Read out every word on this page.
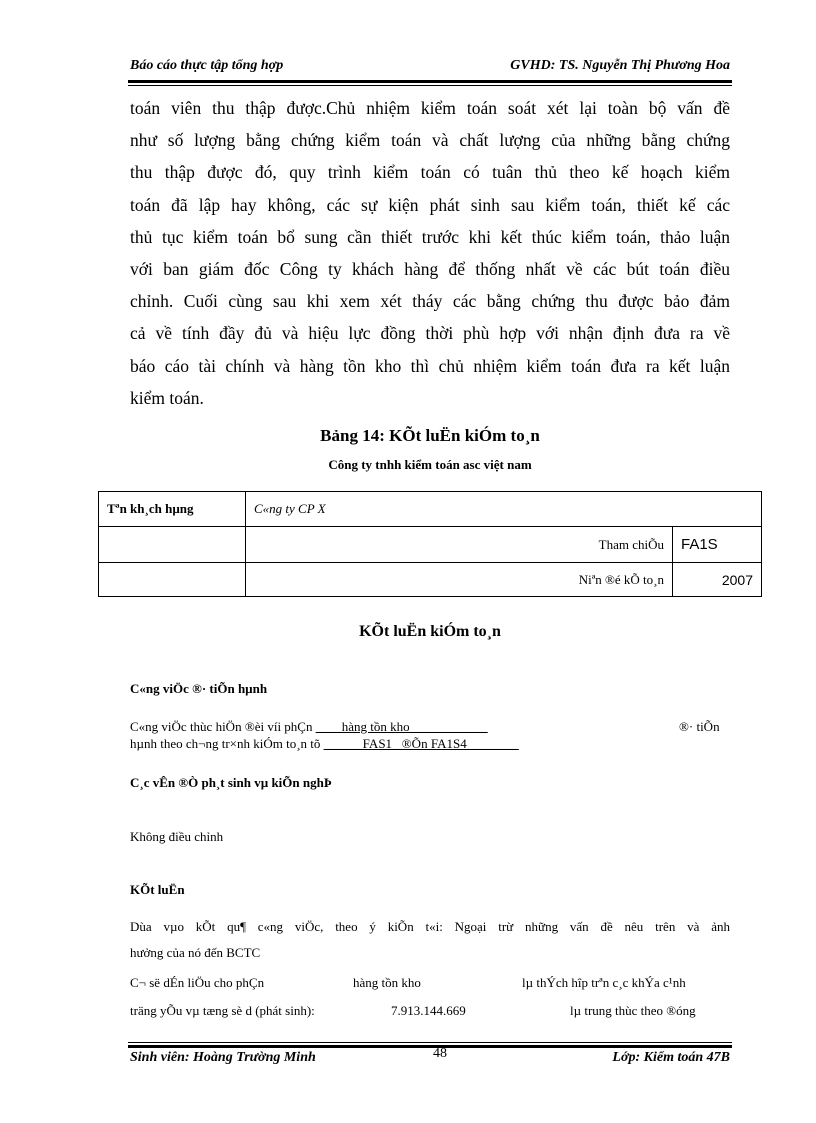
Báo cáo thực tập tổng hợp	GVHD: TS. Nguyễn Thị Phương Hoa
toán viên thu thập được.Chủ nhiệm kiểm toán soát xét lại toàn bộ vấn đề
như số lượng bằng chứng kiểm toán và chất lượng của những bằng chứng
thu thập được đó, quy trình kiểm toán có tuân thủ theo kế hoạch kiểm
toán đã lập hay không, các sự kiện phát sinh sau kiểm toán, thiết kế các
thủ tục kiểm toán bổ sung cần thiết trước khi kết thúc kiểm toán, thảo luận
với ban giám đốc Công ty khách hàng để thống nhất về các bút toán điều
chỉnh. Cuối cùng sau khi xem xét tháy các bằng chứng thu được bảo đảm
cả về tính đầy đủ và hiệu lực đồng thời phù hợp với nhận định đưa ra về
báo cáo tài chính và hàng tồn kho thì chủ nhiệm kiểm toán đưa ra kết luận
kiểm toán.
Bảng 14: KÕt luËn kiÓm to¸n
Công ty tnhh kiểm toán asc việt nam
Tªn kh¸ch hµng	C«ng ty CP X	
	Tham chiÕu	FA1S
	Niªn ®é kÕ to¸n	2007
KÕt luËn kiÓm to¸n
C«ng viÖc ®· tiÕn hµnh
C«ng viÖc thùc hiÖn ®èi víi phÇn ____hàng tồn kho____________	®· tiÕn
hµnh theo ch¬ng tr×nh kiÓm to¸n tõ ______FAS1_ ®Õn FA1S4________
C¸c vÊn ®Ò ph¸t sinh vµ kiÕn nghÞ
Không điều chỉnh
KÕt luËn
Dùa vµo kÕt qu¶ c«ng viÖc, theo ý kiÕn t«i: Ngoại trừ những vấn đề nêu trên và ảnh
hưởng của nó đến BCTC
C¬ së dÉn liÖu cho phÇn	hàng tồn kho	lµ thÝch hîp trªn c¸c khÝa c¹nh
träng yÕu vµ tæng sè d (phát sinh):	7.913.144.669	lµ trung thùc theo ®óng
Sinh viên: Hoàng Trường Minh	48	Lớp: Kiểm toán 47B
